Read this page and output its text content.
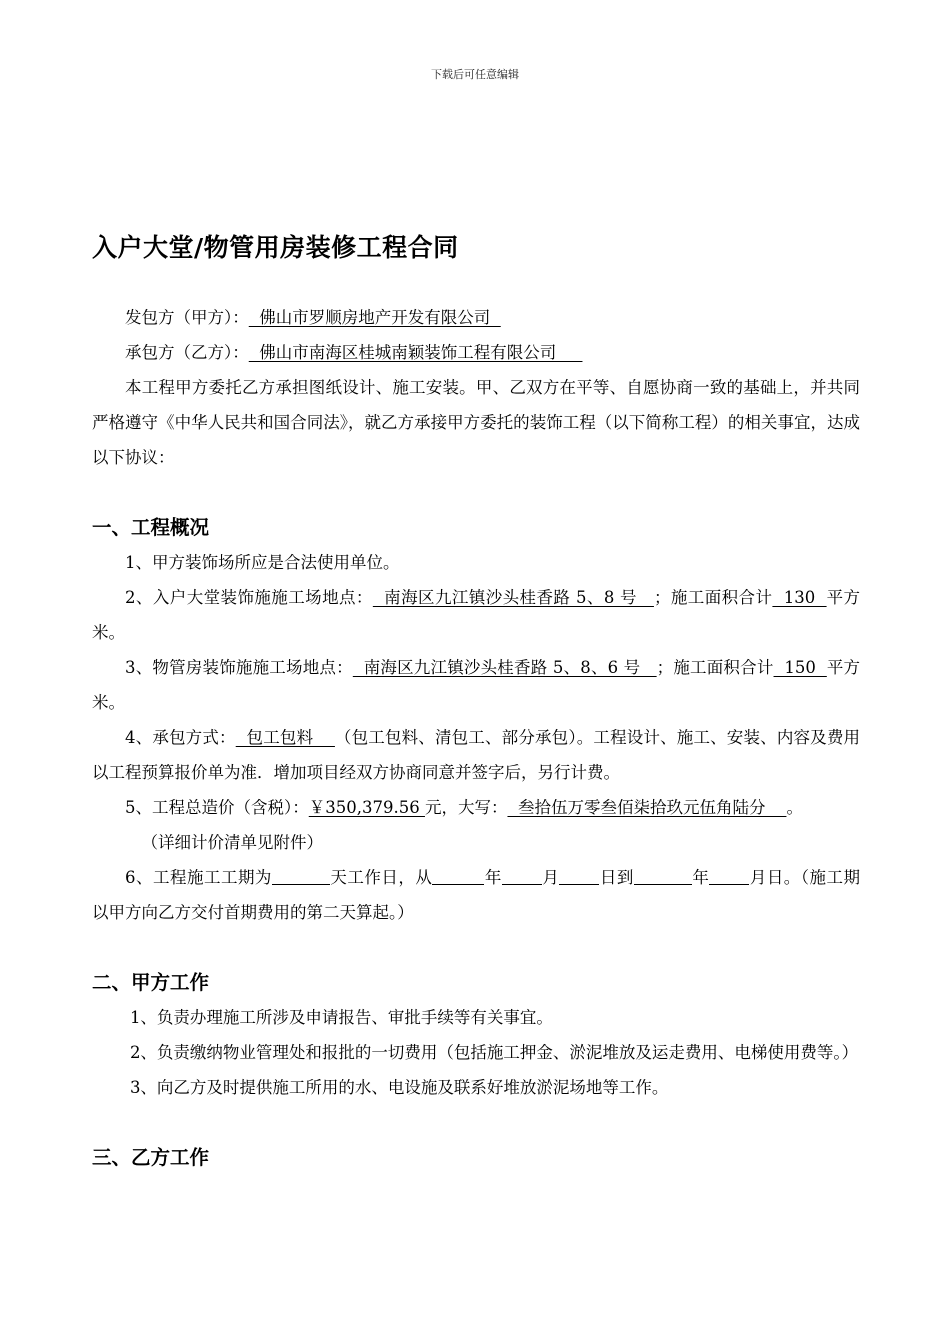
下载后可任意编辑
入户大堂/物管用房装修工程合同

发包方（甲方）：  佛山市罗顺房地产开发有限公司

承包方（乙方）：  佛山市南海区桂城南颖装饰工程有限公司

本工程甲方委托乙方承担图纸设计、施工安装。甲、乙双方在平等、自愿协商一致的基础上，并共同严格遵守《中华人民共和国合同法》，就乙方承接甲方委托的装饰工程（以下简称工程）的相关事宜，达成以下协议：

一、工程概况

1、甲方装饰场所应是合法使用单位。

2、入户大堂装饰施施工场地点：  南海区九江镇沙头桂香路 5、8 号   ；施工面积合计  130  平方米。

3、物管房装饰施施工场地点：  南海区九江镇沙头桂香路 5、8、6 号   ；施工面积合计  150  平方米。

4、承包方式：  包工包料    （包工包料、清包工、部分承包）。工程设计、施工、安装、内容及费用以工程预算报价单为准．增加项目经双方协商同意并签字后，另行计费。

5、工程总造价（含税）：￥350,379.56 元，大写：  叁拾伍万零叁佰柒拾玖元伍角陆分    。

（详细计价清单见附件）

6、工程施工工期为	天工作日，从	年 月 日到	年 月日。（施工期以甲方向乙方交付首期费用的第二天算起。）

二、甲方工作

1、负责办理施工所涉及申请报告、审批手续等有关事宜。

2、负责缴纳物业管理处和报批的一切费用（包括施工押金、淤泥堆放及运走费用、电梯使用费等。）

3、向乙方及时提供施工所用的水、电设施及联系好堆放淤泥场地等工作。

三、乙方工作
